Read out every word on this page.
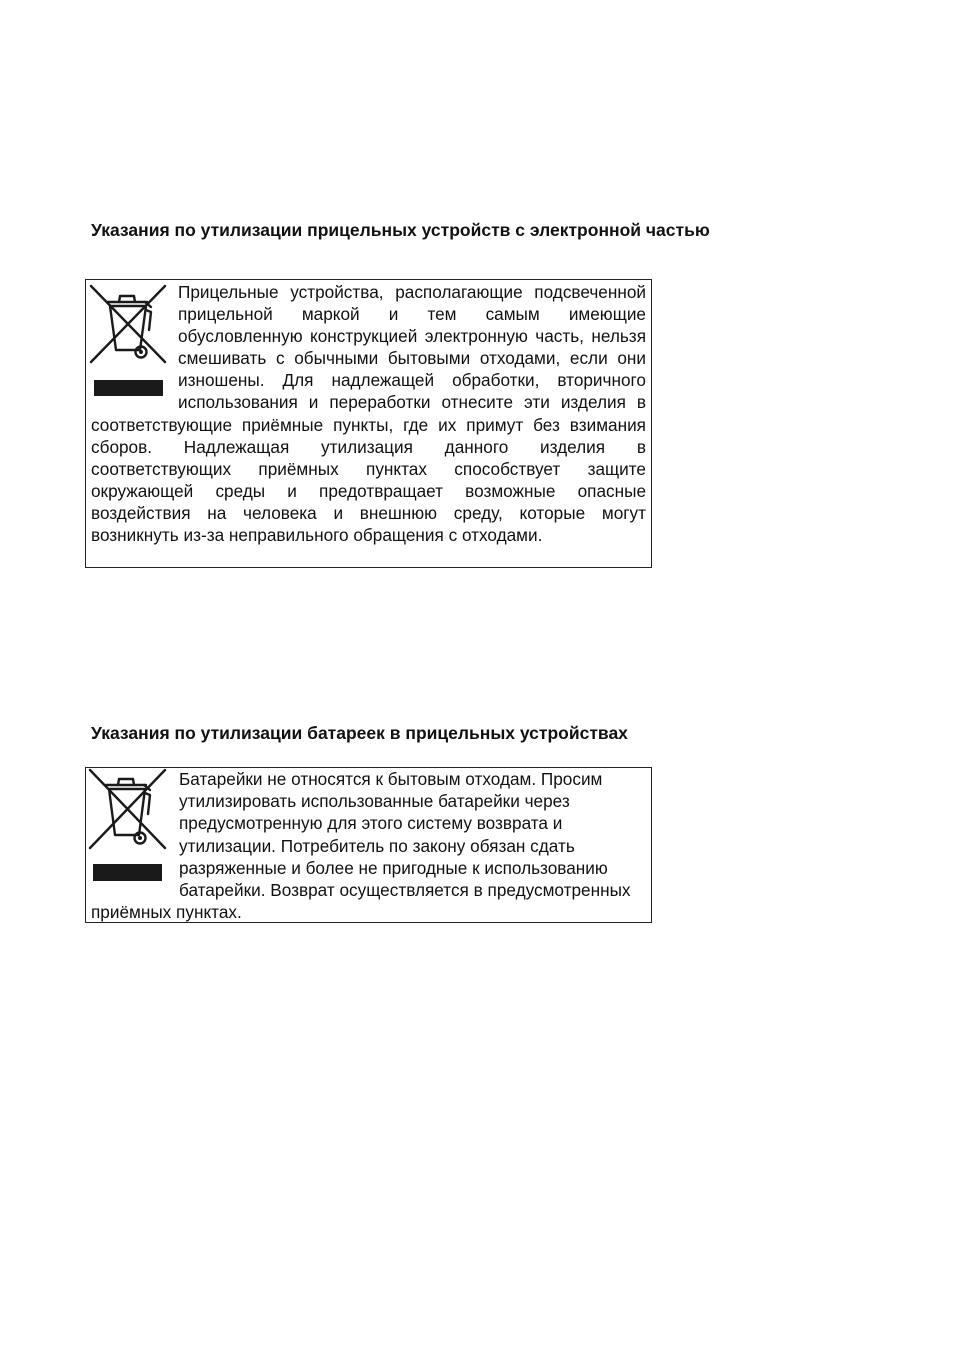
Указания по утилизации прицельных устройств с электронной частью

Прицельные устройства, располагающие подсвеченной прицельной маркой и тем самым имеющие обусловленную конструкцией электронную часть, нельзя смешивать с обычными бытовыми отходами, если они изношены. Для надлежащей обработки, вторичного использования и переработки отнесите эти изделия в соответствующие приёмные пункты, где их примут без взимания сборов. Надлежащая утилизация данного изделия в соответствующих приёмных пунктах способствует защите окружающей среды и предотвращает возможные опасные воздействия на человека и внешнюю среду, которые могут возникнуть из-за неправильного обращения с отходами.

Указания по утилизации батареек в прицельных устройствах

Батарейки не относятся к бытовым отходам. Просим утилизировать использованные батарейки через предусмотренную для этого систему возврата и утилизации. Потребитель по закону обязан сдать разряженные и более не пригодные к использованию батарейки. Возврат осуществляется в предусмотренных приёмных пунктах.
